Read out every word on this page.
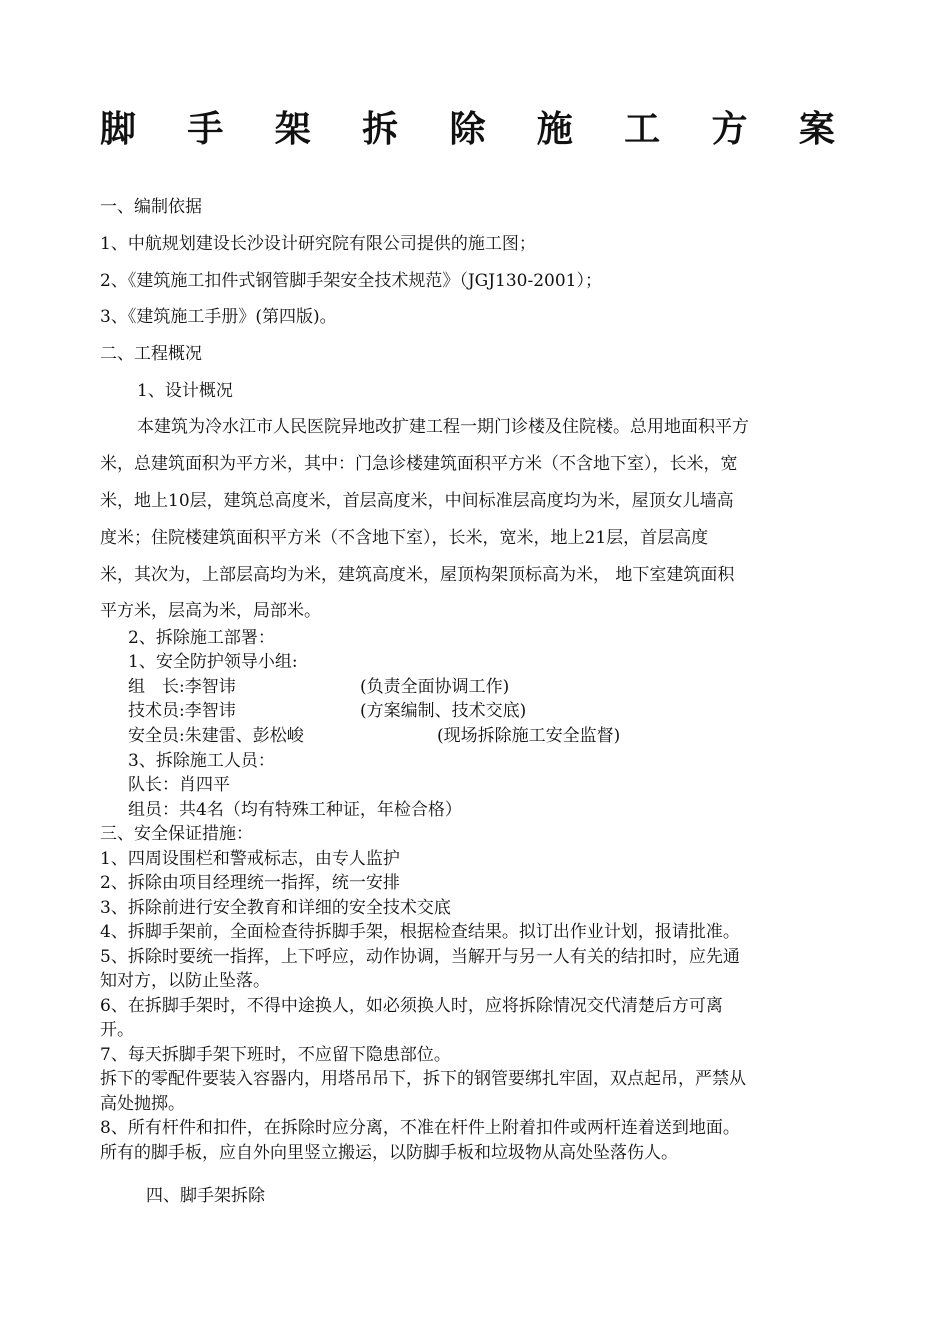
脚 手 架 拆 除 施 工 方 案
一、编制依据
1、中航规划建设长沙设计研究院有限公司提供的施工图；
2、《建筑施工扣件式钢管脚手架安全技术规范》（JGJ130-2001）；
3、《建筑施工手册》(第四版)。
二、工程概况
1、设计概况
本建筑为冷水江市人民医院异地改扩建工程一期门诊楼及住院楼。总用地面积平方
米，总建筑面积为平方米，其中：门急诊楼建筑面积平方米（不含地下室），长米，宽
米，地上10层，建筑总高度米，首层高度米，中间标准层高度均为米，屋顶女儿墙高
度米；住院楼建筑面积平方米（不含地下室），长米，宽米，地上21层，首层高度
米，其次为，上部层高均为米，建筑高度米，屋顶构架顶标高为米， 地下室建筑面积
平方米，层高为米，局部米。
2、拆除施工部署：
1、安全防护领导小组:
组　长:李智讳	(负责全面协调工作)
技术员:李智讳	(方案编制、技术交底)
安全员:朱建雷、彭松峻	(现场拆除施工安全监督)
3、拆除施工人员：
队长：肖四平
组员：共4名（均有特殊工种证，年检合格）
三、安全保证措施：
1、四周设围栏和警戒标志，由专人监护
2、拆除由项目经理统一指挥，统一安排
3、拆除前进行安全教育和详细的安全技术交底
4、拆脚手架前，全面检查待拆脚手架，根据检查结果。拟订出作业计划，报请批准。
5、拆除时要统一指挥，上下呼应，动作协调，当解开与另一人有关的结扣时，应先通
知对方，以防止坠落。
6、在拆脚手架时，不得中途换人，如必须换人时，应将拆除情况交代清楚后方可离
开。
7、每天拆脚手架下班时，不应留下隐患部位。
拆下的零配件要装入容器内，用塔吊吊下，拆下的钢管要绑扎牢固，双点起吊，严禁从
高处抛掷。
8、所有杆件和扣件，在拆除时应分离，不准在杆件上附着扣件或两杆连着送到地面。
所有的脚手板，应自外向里竖立搬运，以防脚手板和垃圾物从高处坠落伤人。
四、脚手架拆除
